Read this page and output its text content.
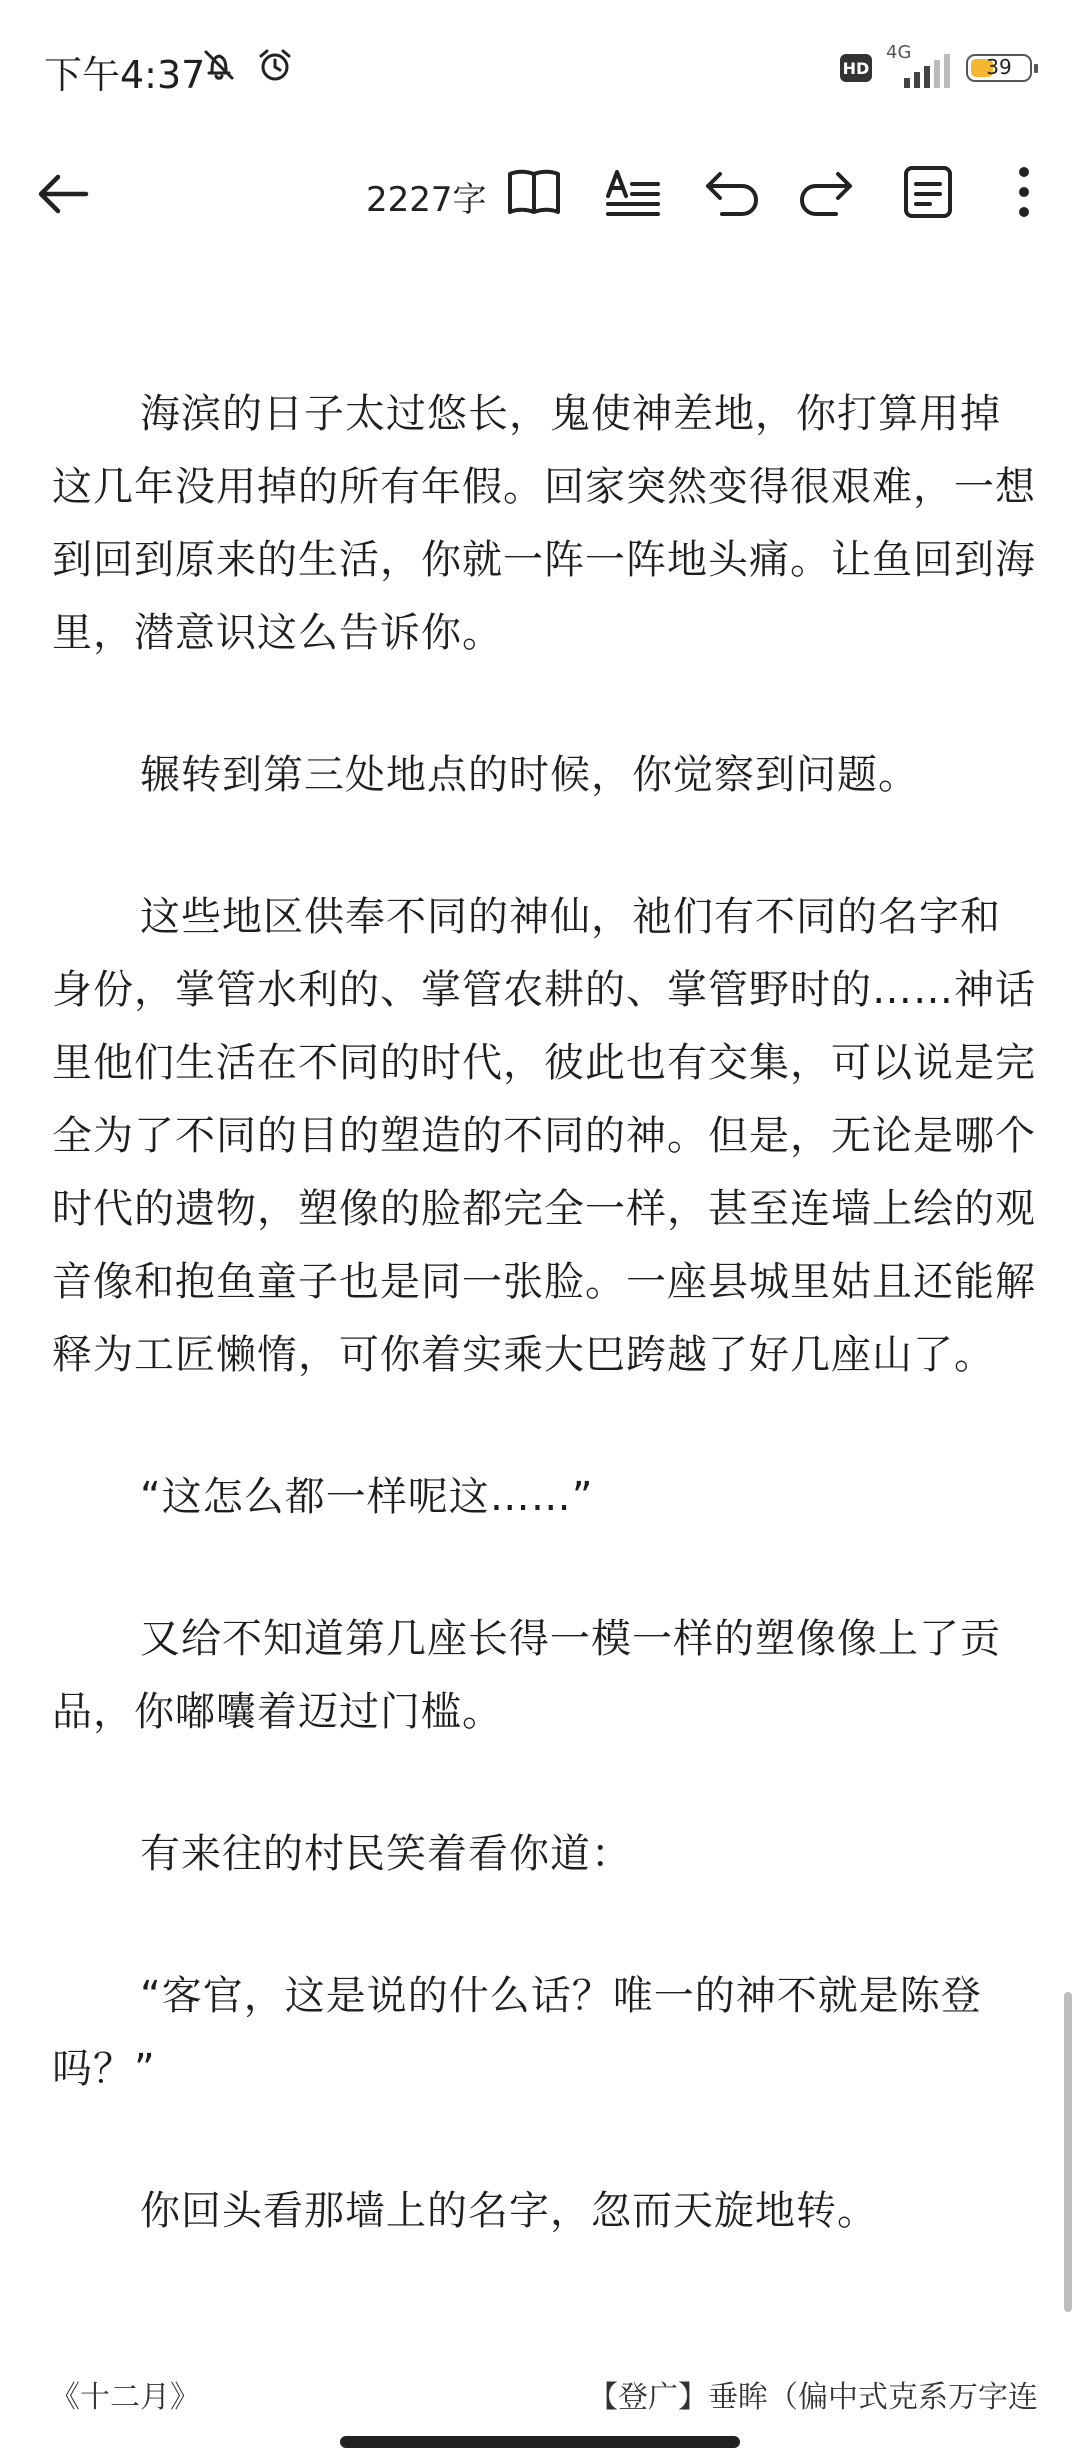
下午4:37	HD
4G
39
2227字

海滨的日子太过悠长，鬼使神差地，你打算用掉这几年没用掉的所有年假。回家突然变得很艰难，一想到回到原来的生活，你就一阵一阵地头痛。让鱼回到海里，潜意识这么告诉你。

辗转到第三处地点的时候，你觉察到问题。

这些地区供奉不同的神仙，祂们有不同的名字和身份，掌管水利的、掌管农耕的、掌管野时的……神话里他们生活在不同的时代，彼此也有交集，可以说是完全为了不同的目的塑造的不同的神。但是，无论是哪个时代的遗物，塑像的脸都完全一样，甚至连墙上绘的观音像和抱鱼童子也是同一张脸。一座县城里姑且还能解释为工匠懒惰，可你着实乘大巴跨越了好几座山了。

“这怎么都一样呢这……”

又给不知道第几座长得一模一样的塑像像上了贡品，你嘟囔着迈过门槛。

有来往的村民笑着看你道：

“客官，这是说的什么话？唯一的神不就是陈登吗？”

你回头看那墙上的名字，忽而天旋地转。

《十二月》	【登广】垂眸（偏中式克系万字连
